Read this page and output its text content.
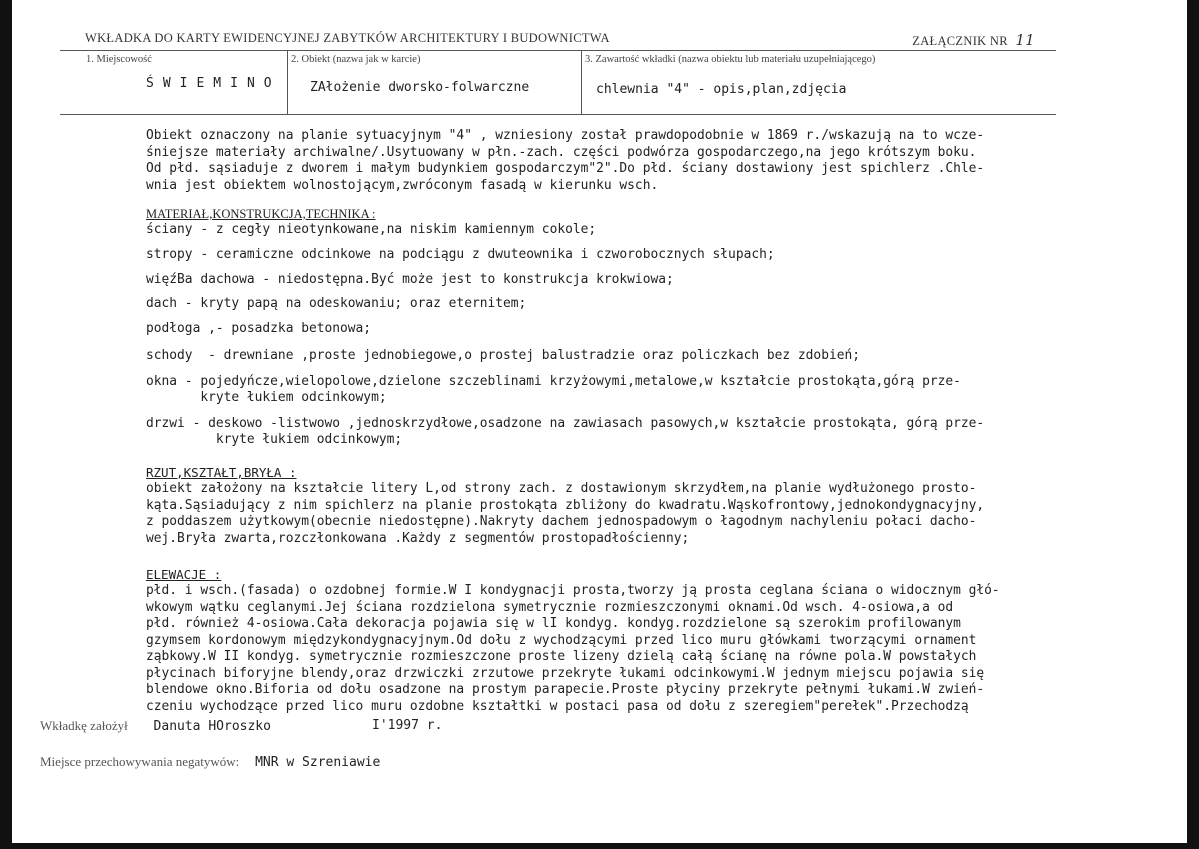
WKŁADKA DO KARTY EWIDENCYJNEJ ZABYTKÓW ARCHITEKTURY I BUDOWNICTWA	ZAŁĄCZNIK NR 11
1. Miejscowość
ŚWIEMINO
2. Obiekt (nazwa jak w karcie)
ZAłożenie dworsko-folwarczne
3. Zawartość wkładki (nazwa obiektu lub materiału uzupełniającego)
chlewnia "4" - opis,plan,zdjęcia
Obiekt oznaczony na planie sytuacyjnym "4" , wzniesiony został prawdopodobnie w 1869 r./wskazują na to wcze-
śniejsze materiały archiwalne/.Usytuowany w płn.-zach. części podwórza gospodarczego,na jego krótszym boku.
Od płd. sąsiaduje z dworem i małym budynkiem gospodarczym"2".Do płd. ściany dostawiony jest spichlerz .Chle-
wnia jest obiektem wolnostojącym,zwróconym fasadą w kierunku wsch.
MATERIAŁ,KONSTRUKCJA,TECHNIKA :
ściany - z cegły nieotynkowane,na niskim kamiennym cokole;
stropy - ceramiczne odcinkowe na podciągu z dwuteownika i czworobocznych słupach;
więźBa dachowa - niedostępna.Być może jest to konstrukcja krokwiowa;
dach - kryty papą na odeskowaniu; oraz eternitem;
podłoga ,- posadzka betonowa;
schody  - drewniane ,proste jednobiegowe,o prostej balustradzie oraz policzkach bez zdobień;
okna - pojedyńcze,wielopolowe,dzielone szczeblinami krzyżowymi,metalowe,w kształcie prostokąta,górą prze-
kryte łukiem odcinkowym;
drzwi - deskowo -listwowo ,jednoskrzydłowe,osadzone na zawiasach pasowych,w kształcie prostokąta, górą prze-
kryte łukiem odcinkowym;
RZUT,KSZTAŁT,BRYŁA :
obiekt założony na kształcie litery L,od strony zach. z dostawionym skrzydłem,na planie wydłużonego prosto-
kąta.Sąsiadujący z nim spichlerz na planie prostokąta zbliżony do kwadratu.Wąskofrontowy,jednokondygnacyjny,
z poddaszem użytkowym(obecnie niedostępne).Nakryty dachem jednospadowym o łagodnym nachyleniu połaci dacho-
wej.Bryła zwarta,rozczłonkowana .Każdy z segmentów prostopadłościenny;
ELEWACJE :
płd. i wsch.(fasada) o ozdobnej formie.W I kondygnacji prosta,tworzy ją prosta ceglana ściana o widocznym głó-
wkowym wątku ceglanymi.Jej ściana rozdzielona symetrycznie rozmieszczonymi oknami.Od wsch. 4-osiowa,a od
płd. również 4-osiowa.Cała dekoracja pojawia się w lI kondyg. kondyg.rozdzielone są szerokim profilowanym
gzymsem kordonowym międzykondygnacyjnym.Od dołu z wychodzącymi przed lico muru główkami tworzącymi ornament
ząbkowy.W II kondyg. symetrycznie rozmieszczone proste lizeny dzielą całą ścianę na równe pola.W powstałych
płycinach biforyjne blendy,oraz drzwiczki zrzutowe przekryte łukami odcinkowymi.W jednym miejscu pojawia się
blendowe okno.Biforia od dołu osadzone na prostym parapecie.Proste płyciny przekryte pełnymi łukami.W zwień-
czeniu wychodzące przed lico muru ozdobne kształtki w postaci pasa od dołu z szeregiem"perełek".Przechodzą
Wkładkę założył Danuta HOroszko	I'1997 r.
Miejsce przechowywania negatywów: MNR w Szreniawie
